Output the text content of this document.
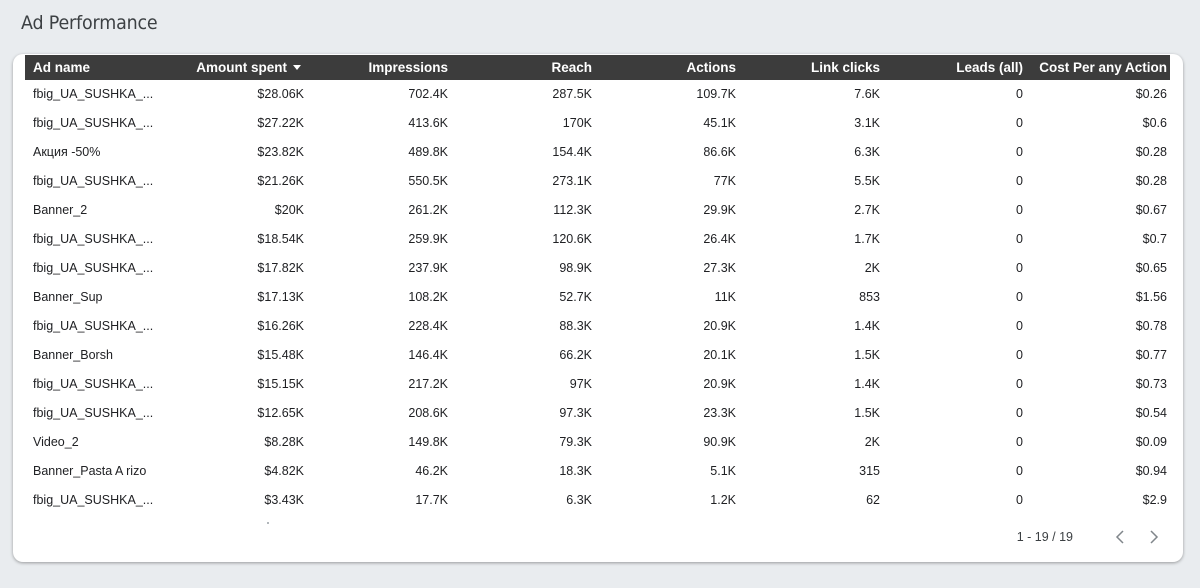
Ad Performance
Ad name	Amount spent	Impressions	Reach	Actions	Link clicks	Leads (all)	Cost Per any Action
fbig_UA_SUSHKA_...	$28.06K	702.4K	287.5K	109.7K	7.6K	0	$0.26
fbig_UA_SUSHKA_...	$27.22K	413.6K	170K	45.1K	3.1K	0	$0.6
Акция -50%	$23.82K	489.8K	154.4K	86.6K	6.3K	0	$0.28
fbig_UA_SUSHKA_...	$21.26K	550.5K	273.1K	77K	5.5K	0	$0.28
Banner_2	$20K	261.2K	112.3K	29.9K	2.7K	0	$0.67
fbig_UA_SUSHKA_...	$18.54K	259.9K	120.6K	26.4K	1.7K	0	$0.7
fbig_UA_SUSHKA_...	$17.82K	237.9K	98.9K	27.3K	2K	0	$0.65
Banner_Sup	$17.13K	108.2K	52.7K	11K	853	0	$1.56
fbig_UA_SUSHKA_...	$16.26K	228.4K	88.3K	20.9K	1.4K	0	$0.78
Banner_Borsh	$15.48K	146.4K	66.2K	20.1K	1.5K	0	$0.77
fbig_UA_SUSHKA_...	$15.15K	217.2K	97K	20.9K	1.4K	0	$0.73
fbig_UA_SUSHKA_...	$12.65K	208.6K	97.3K	23.3K	1.5K	0	$0.54
Video_2	$8.28K	149.8K	79.3K	90.9K	2K	0	$0.09
Banner_Pasta A rizo	$4.82K	46.2K	18.3K	5.1K	315	0	$0.94
fbig_UA_SUSHKA_...	$3.43K	17.7K	6.3K	1.2K	62	0	$2.9
1 - 19 / 19
